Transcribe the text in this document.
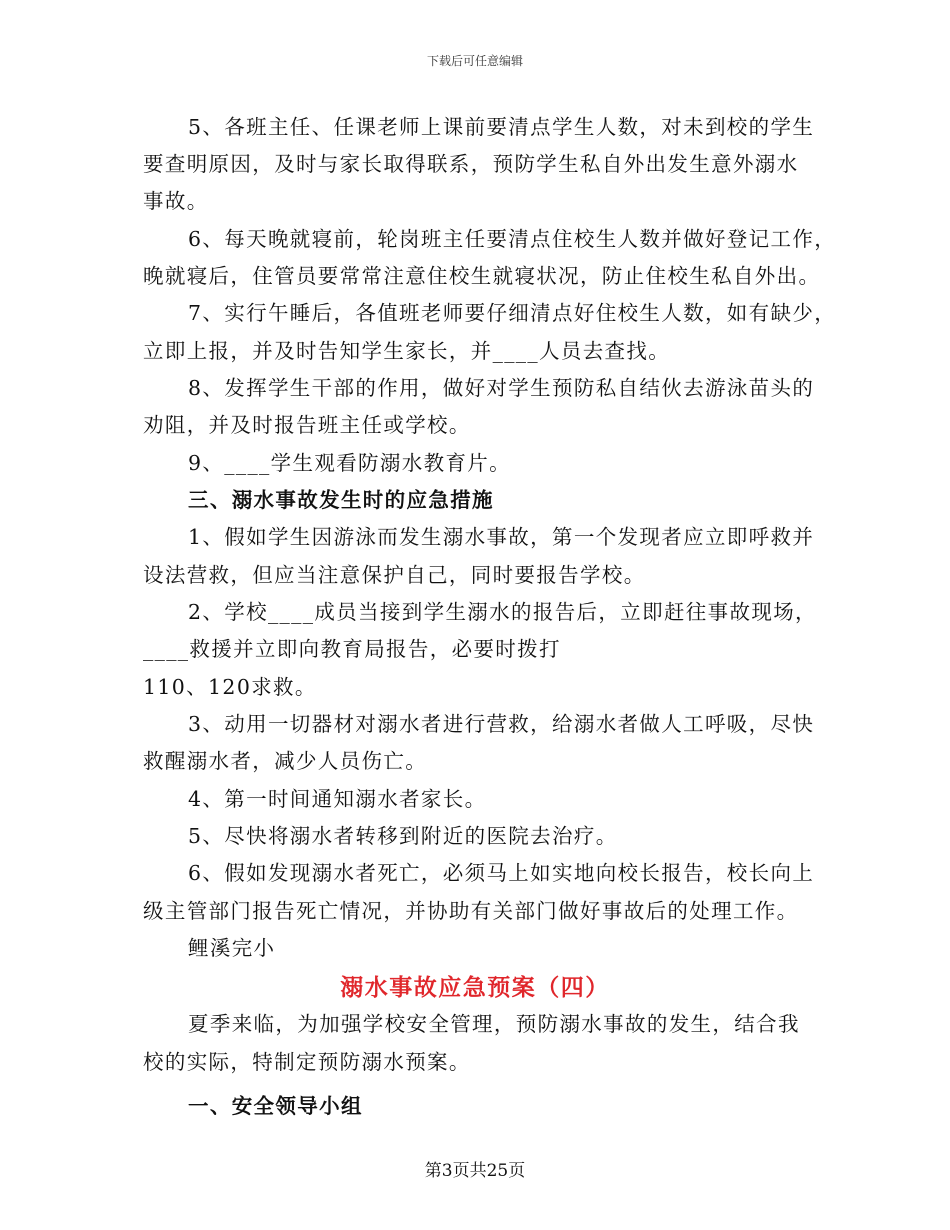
下载后可任意编辑
5、各班主任、任课老师上课前要清点学生人数，对未到校的学生
要查明原因，及时与家长取得联系，预防学生私自外出发生意外溺水
事故。
6、每天晚就寝前，轮岗班主任要清点住校生人数并做好登记工作，
晚就寝后，住管员要常常注意住校生就寝状况，防止住校生私自外出。
7、实行午睡后，各值班老师要仔细清点好住校生人数，如有缺少，
立即上报，并及时告知学生家长，并____人员去查找。
8、发挥学生干部的作用，做好对学生预防私自结伙去游泳苗头的
劝阻，并及时报告班主任或学校。
9、____学生观看防溺水教育片。
三、溺水事故发生时的应急措施
1、假如学生因游泳而发生溺水事故，第一个发现者应立即呼救并
设法营救，但应当注意保护自己，同时要报告学校。
2、学校____成员当接到学生溺水的报告后，立即赶往事故现场，
____救援并立即向教育局报告，必要时拨打
110、120求救。
3、动用一切器材对溺水者进行营救，给溺水者做人工呼吸，尽快
救醒溺水者，减少人员伤亡。
4、第一时间通知溺水者家长。
5、尽快将溺水者转移到附近的医院去治疗。
6、假如发现溺水者死亡，必须马上如实地向校长报告，校长向上
级主管部门报告死亡情况，并协助有关部门做好事故后的处理工作。
鲤溪完小
溺水事故应急预案（四）
夏季来临，为加强学校安全管理，预防溺水事故的发生，结合我
校的实际，特制定预防溺水预案。
一、安全领导小组
第3页共25页
